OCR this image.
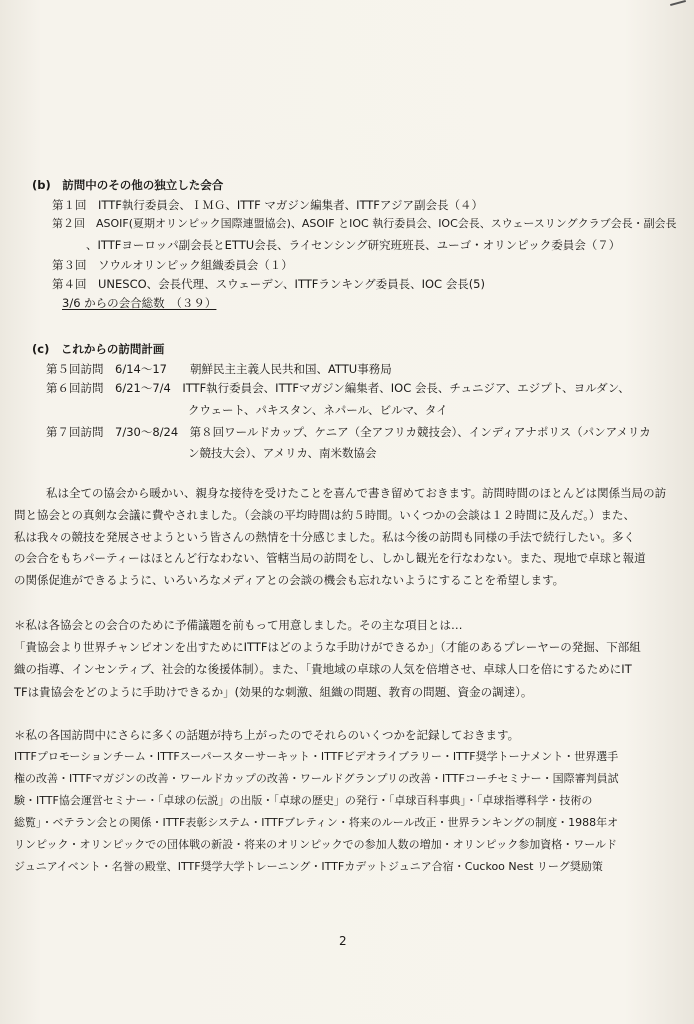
(b)　訪問中のその他の独立した会合
第１回　ITTF執行委員会、ＩＭＧ、ITTF マガジン編集者、ITTFアジア副会長（４）
第２回　ASOIF(夏期オリンピック国際連盟協会)、ASOIF とIOC 執行委員会、IOC会長、スウェースリングクラブ会長・副会長
、ITTFヨーロッパ副会長とETTU会長、ライセンシング研究班班長、ユーゴ・オリンピック委員会（７）
第３回　ソウルオリンピック組織委員会（１）
第４回　UNESCO、会長代理、スウェーデン、ITTFランキング委員長、IOC 会長(5)
3/6 からの会合総数　（３９）
(c)　これからの訪問計画
第５回訪問　6/14～17　　朝鮮民主主義人民共和国、ATTU事務局
第６回訪問　6/21～7/4　ITTF執行委員会、ITTFマガジン編集者、IOC 会長、チュニジア、エジプト、ヨルダン、
クウェート、パキスタン、ネパール、ビルマ、タイ
第７回訪問　7/30～8/24　第８回ワールドカップ、ケニア（全アフリカ競技会）、インディアナポリス（パンアメリカ
ン競技大会）、アメリカ、南米数協会
私は全ての協会から暖かい、親身な接待を受けたことを喜んで書き留めておきます。訪問時間のほとんどは関係当局の訪
問と協会との真剣な会議に費やされました。（会談の平均時間は約５時間。いくつかの会談は１２時間に及んだ。）また、
私は我々の競技を発展させようという皆さんの熱情を十分感じました。私は今後の訪問も同様の手法で続行したい。多く
の会合をもちパーティーはほとんど行なわない、管轄当局の訪問をし、しかし観光を行なわない。また、現地で卓球と報道
の関係促進ができるように、いろいろなメディアとの会談の機会も忘れないようにすることを希望します。
＊私は各協会との会合のために予備議題を前もって用意しました。その主な項目とは…
「貴協会より世界チャンピオンを出すためにITTFはどのような手助けができるか」（才能のあるプレーヤーの発掘、下部組
織の指導、インセンティブ、社会的な後援体制）。また、「貴地域の卓球の人気を倍増させ、卓球人口を倍にするためにIT
TFは貴協会をどのように手助けできるか」(効果的な刺激、組織の問題、教育の問題、資金の調達）。
＊私の各国訪問中にさらに多くの話題が持ち上がったのでそれらのいくつかを記録しておきます。
ITTFプロモーションチーム・ITTFスーパースターサーキット・ITTFビデオライブラリー・ITTF奨学トーナメント・世界選手
権の改善・ITTFマガジンの改善・ワールドカップの改善・ワールドグランプリの改善・ITTFコーチセミナー・国際審判員試
験・ITTF協会運営セミナー・「卓球の伝説」の出版・「卓球の歴史」の発行・「卓球百科事典」・「卓球指導科学・技術の
総覧」・ベテラン会との関係・ITTF表彰システム・ITTFブレティン・将来のルール改正・世界ランキングの制度・1988年オ
リンピック・オリンピックでの団体戦の新設・将来のオリンピックでの参加人数の増加・オリンピック参加資格・ワールド
ジュニアイベント・名誉の殿堂、ITTF奨学大学トレーニング・ITTFカデットジュニア合宿・Cuckoo Nest リーグ奨励策
2
